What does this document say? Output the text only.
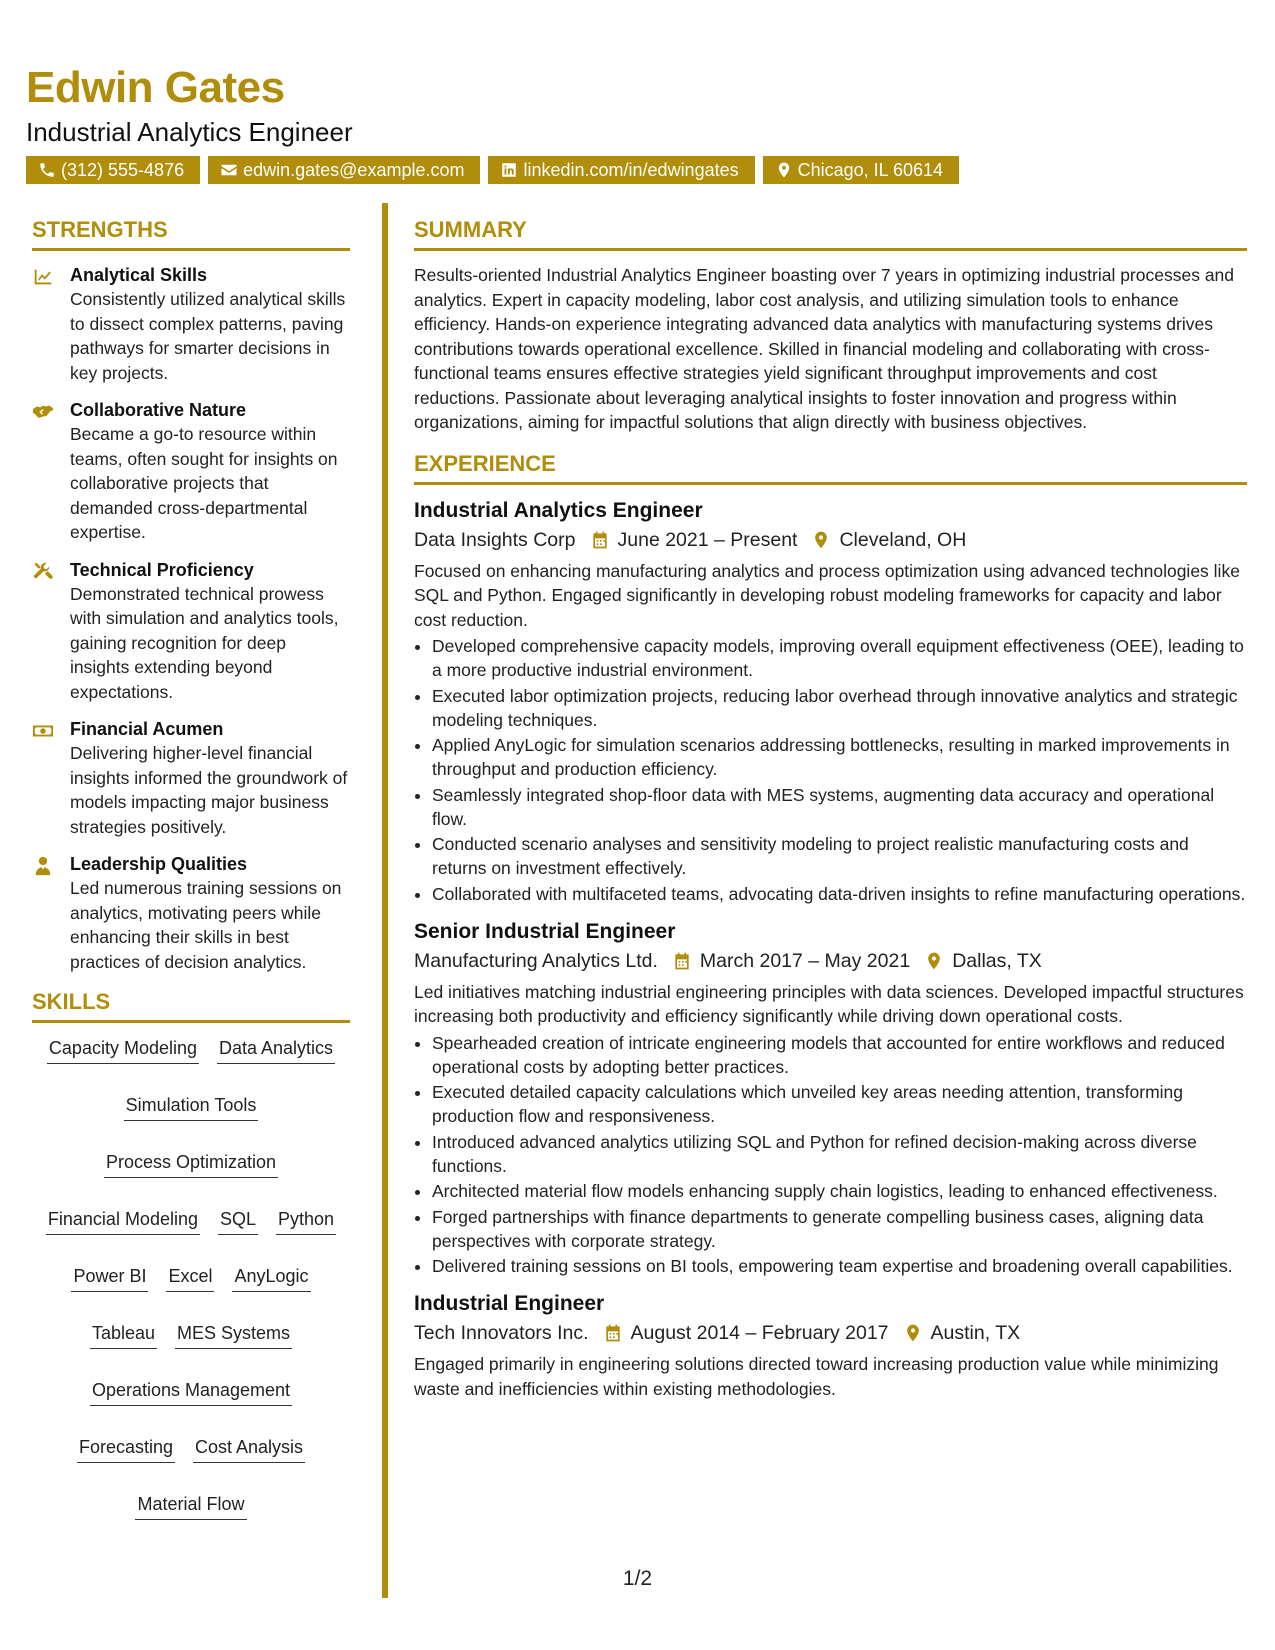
Edwin Gates
Industrial Analytics Engineer
(312) 555-4876	edwin.gates@example.com	linkedin.com/in/edwingates	Chicago, IL 60614
STRENGTHS
Analytical Skills
Consistently utilized analytical skills to dissect complex patterns, paving pathways for smarter decisions in key projects.
Collaborative Nature
Became a go-to resource within teams, often sought for insights on collaborative projects that demanded cross-departmental expertise.
Technical Proficiency
Demonstrated technical prowess with simulation and analytics tools, gaining recognition for deep insights extending beyond expectations.
Financial Acumen
Delivering higher-level financial insights informed the groundwork of models impacting major business strategies positively.
Leadership Qualities
Led numerous training sessions on analytics, motivating peers while enhancing their skills in best practices of decision analytics.
SKILLS
Capacity Modeling Data Analytics
Simulation Tools
Process Optimization
Financial Modeling SQL Python
Power BI Excel AnyLogic
Tableau MES Systems
Operations Management
Forecasting Cost Analysis
Material Flow
SUMMARY
Results-oriented Industrial Analytics Engineer boasting over 7 years in optimizing industrial processes and analytics. Expert in capacity modeling, labor cost analysis, and utilizing simulation tools to enhance efficiency. Hands-on experience integrating advanced data analytics with manufacturing systems drives contributions towards operational excellence. Skilled in financial modeling and collaborating with cross-functional teams ensures effective strategies yield significant throughput improvements and cost reductions. Passionate about leveraging analytical insights to foster innovation and progress within organizations, aiming for impactful solutions that align directly with business objectives.
EXPERIENCE
Industrial Analytics Engineer
Data Insights Corp June 2021 – Present Cleveland, OH
Focused on enhancing manufacturing analytics and process optimization using advanced technologies like SQL and Python. Engaged significantly in developing robust modeling frameworks for capacity and labor cost reduction.
• Developed comprehensive capacity models, improving overall equipment effectiveness (OEE), leading to a more productive industrial environment.
• Executed labor optimization projects, reducing labor overhead through innovative analytics and strategic modeling techniques.
• Applied AnyLogic for simulation scenarios addressing bottlenecks, resulting in marked improvements in throughput and production efficiency.
• Seamlessly integrated shop-floor data with MES systems, augmenting data accuracy and operational flow.
• Conducted scenario analyses and sensitivity modeling to project realistic manufacturing costs and returns on investment effectively.
• Collaborated with multifaceted teams, advocating data-driven insights to refine manufacturing operations.
Senior Industrial Engineer
Manufacturing Analytics Ltd. March 2017 – May 2021 Dallas, TX
Led initiatives matching industrial engineering principles with data sciences. Developed impactful structures increasing both productivity and efficiency significantly while driving down operational costs.
• Spearheaded creation of intricate engineering models that accounted for entire workflows and reduced operational costs by adopting better practices.
• Executed detailed capacity calculations which unveiled key areas needing attention, transforming production flow and responsiveness.
• Introduced advanced analytics utilizing SQL and Python for refined decision-making across diverse functions.
• Architected material flow models enhancing supply chain logistics, leading to enhanced effectiveness.
• Forged partnerships with finance departments to generate compelling business cases, aligning data perspectives with corporate strategy.
• Delivered training sessions on BI tools, empowering team expertise and broadening overall capabilities.
Industrial Engineer
Tech Innovators Inc. August 2014 – February 2017 Austin, TX
Engaged primarily in engineering solutions directed toward increasing production value while minimizing waste and inefficiencies within existing methodologies.
1/2
